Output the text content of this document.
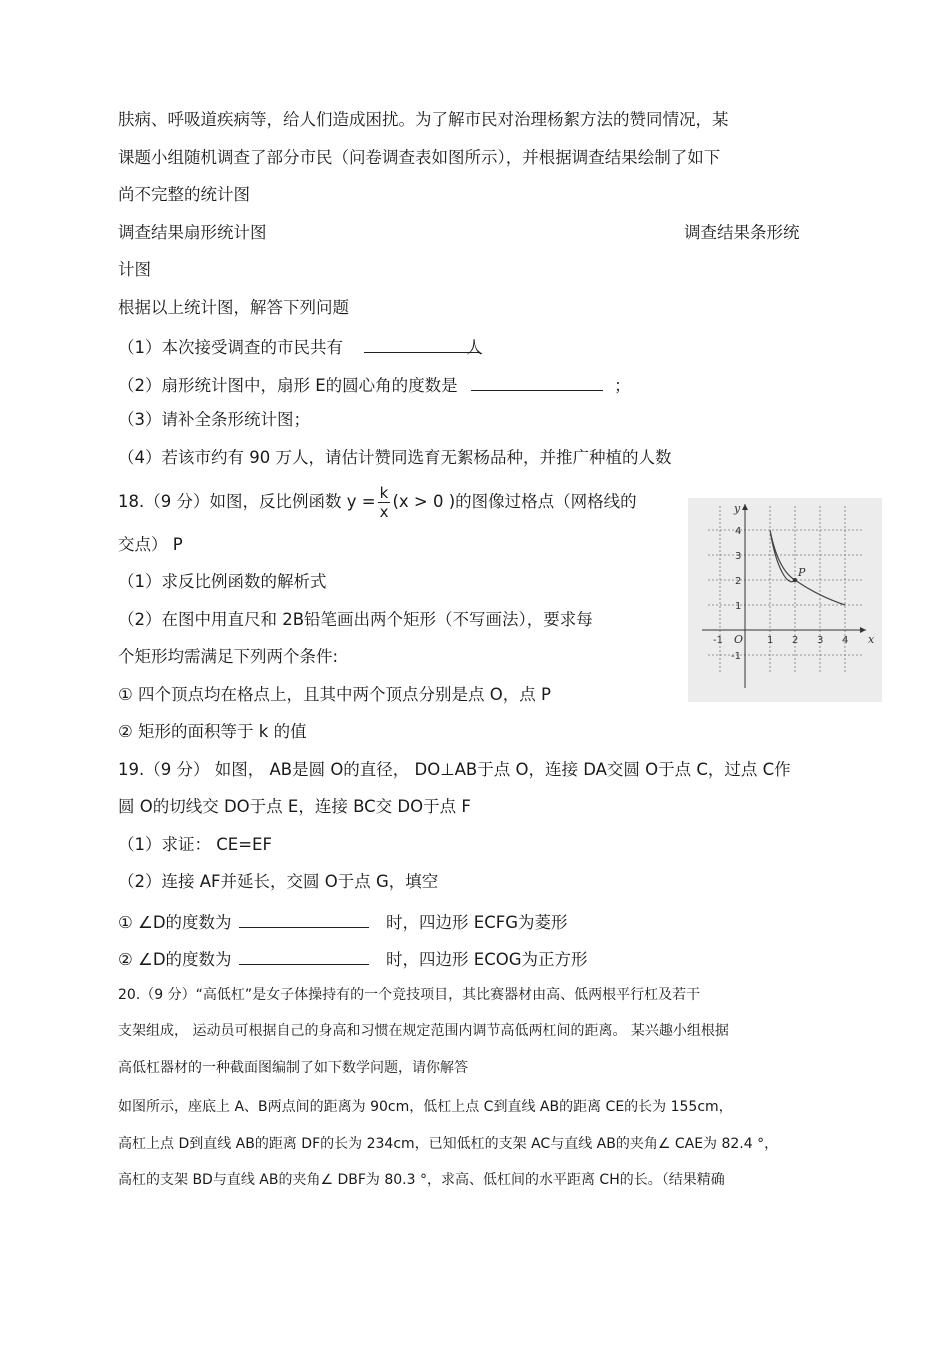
肤病、呼吸道疾病等，给人们造成困扰。为了解市民对治理杨絮方法的赞同情况，某
课题小组随机调查了部分市民（问卷调查表如图所示），并根据调查结果绘制了如下
尚不完整的统计图
调查结果扇形统计图	调查结果条形统
计图
根据以上统计图，解答下列问题
（1）本次接受调查的市民共有	人
（2）扇形统计图中，扇形 E的圆心角的度数是	；
（3）请补全条形统计图；
（4）若该市约有 90 万人，请估计赞同选育无絮杨品种，并推广种植的人数
18.（9 分）如图，反比例函数 $y = \frac{k}{x} (x > 0$ )的图像过格点（网格线的
交点） P
（1）求反比例函数的解析式
（2）在图中用直尺和 2B铅笔画出两个矩形（不写画法），要求每
个矩形均需满足下列两个条件:
① 四个顶点均在格点上，且其中两个顶点分别是点 O，点 P
② 矩形的面积等于 k 的值
19.（9 分） 如图， AB是圆 O的直径， DO⊥AB于点 O，连接 DA交圆 O于点 C，过点 C作
圆 O的切线交 DO于点 E，连接 BC交 DO于点 F
（1）求证： CE=EF
（2）连接 AF并延长，交圆 O于点 G，填空
① ∠D的度数为	时，四边形 ECFG为菱形
② ∠D的度数为	时，四边形 ECOG为正方形
20.（9 分）“高低杠”是女子体操持有的一个竞技项目，其比赛器材由高、低两根平行杠及若干
支架组成， 运动员可根据自己的身高和习惯在规定范围内调节高低两杠间的距离。 某兴趣小组根据
高低杠器材的一种截面图编制了如下数学问题，请你解答
如图所示，座底上 A、B两点间的距离为 90cm，低杠上点 C到直线 AB的距离 CE的长为 155cm，
高杠上点 D到直线 AB的距离 DF的长为 234cm，已知低杠的支架 AC与直线 AB的夹角∠ CAE为 82.4 °，
高杠的支架 BD与直线 AB的夹角∠ DBF为 80.3 °，求高、低杠间的水平距离 CH的长。（结果精确
P
x
y
O
-1	1 2 3 4
4
3
2
1
-1
